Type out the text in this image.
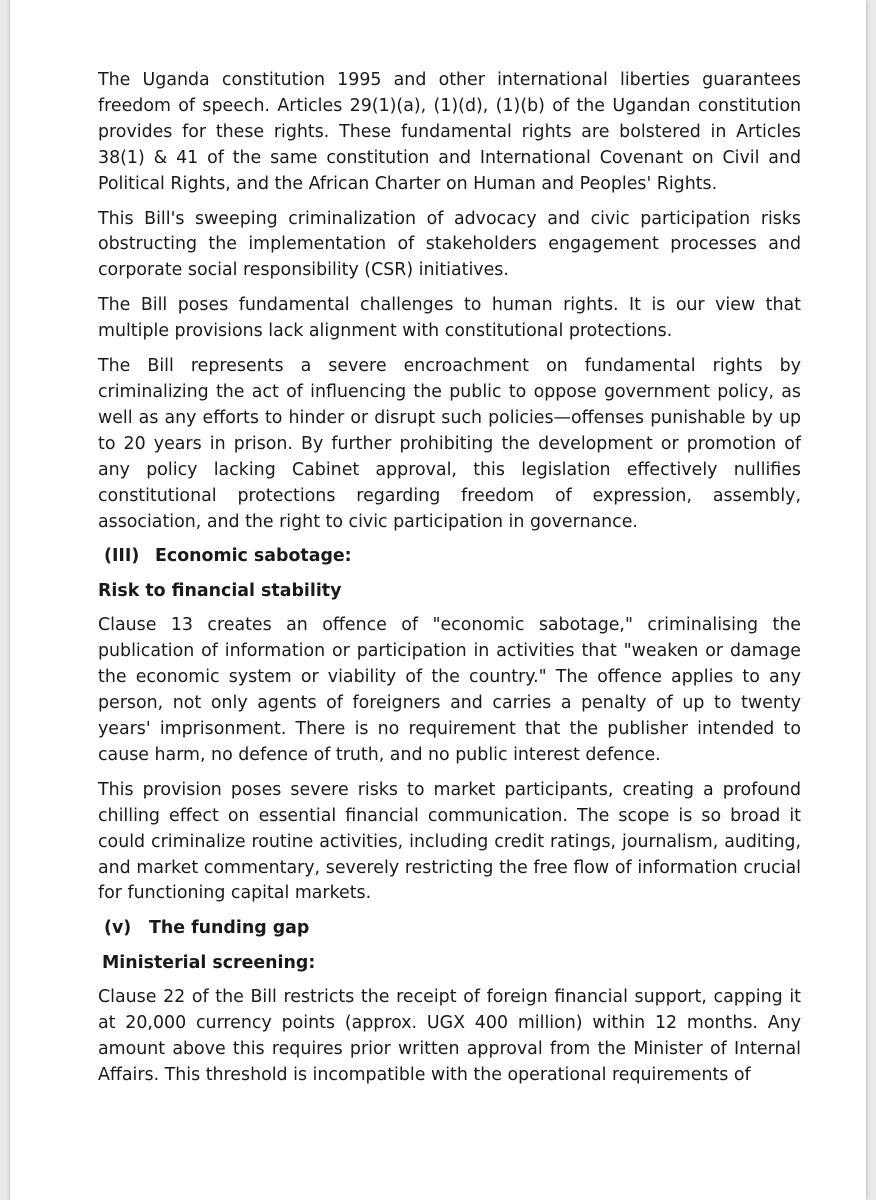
The Uganda constitution 1995 and other international liberties guarantees freedom of speech. Articles 29(1)(a), (1)(d), (1)(b) of the Ugandan constitution provides for these rights. These fundamental rights are bolstered in Articles 38(1) & 41 of the same constitution and International Covenant on Civil and Political Rights, and the African Charter on Human and Peoples' Rights.

This Bill's sweeping criminalization of advocacy and civic participation risks obstructing the implementation of stakeholders engagement processes and corporate social responsibility (CSR) initiatives.

The Bill poses fundamental challenges to human rights. It is our view that multiple provisions lack alignment with constitutional protections.

The Bill represents a severe encroachment on fundamental rights by criminalizing the act of influencing the public to oppose government policy, as well as any efforts to hinder or disrupt such policies—offenses punishable by up to 20 years in prison. By further prohibiting the development or promotion of any policy lacking Cabinet approval, this legislation effectively nullifies constitutional protections regarding freedom of expression, assembly, association, and the right to civic participation in governance.

(III) Economic sabotage:
Risk to financial stability

Clause 13 creates an offence of "economic sabotage," criminalising the publication of information or participation in activities that "weaken or damage the economic system or viability of the country." The offence applies to any person, not only agents of foreigners and carries a penalty of up to twenty years' imprisonment. There is no requirement that the publisher intended to cause harm, no defence of truth, and no public interest defence.

This provision poses severe risks to market participants, creating a profound chilling effect on essential financial communication. The scope is so broad it could criminalize routine activities, including credit ratings, journalism, auditing, and market commentary, severely restricting the free flow of information crucial for functioning capital markets.

(v) The funding gap
Ministerial screening:

Clause 22 of the Bill restricts the receipt of foreign financial support, capping it at 20,000 currency points (approx. UGX 400 million) within 12 months. Any amount above this requires prior written approval from the Minister of Internal Affairs. This threshold is incompatible with the operational requirements of
